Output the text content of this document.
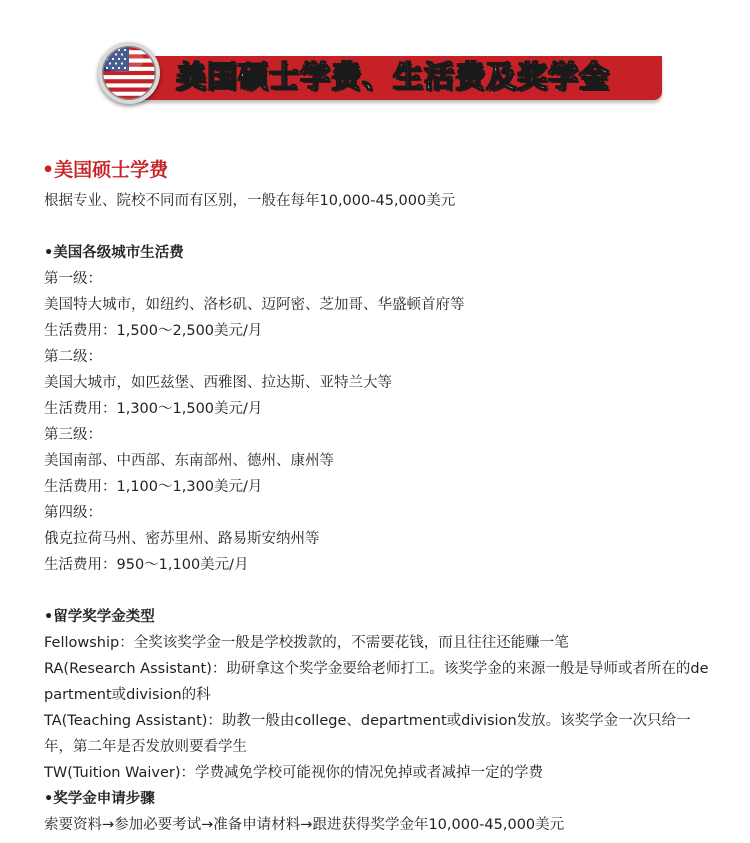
美国硕士学费、生活费及奖学金
•美国硕士学费

根据专业、院校不同而有区别，一般在每年10,000-45,000美元

•美国各级城市生活费

第一级：

美国特大城市，如纽约、洛杉矶、迈阿密、芝加哥、华盛顿首府等

生活费用：1,500～2,500美元/月

第二级：

美国大城市，如匹兹堡、西雅图、拉达斯、亚特兰大等

生活费用：1,300～1,500美元/月

第三级：

美国南部、中西部、东南部州、德州、康州等

生活费用：1,100～1,300美元/月

第四级：

俄克拉荷马州、密苏里州、路易斯安纳州等

生活费用：950～1,100美元/月

•留学奖学金类型

Fellowship：全奖该奖学金一般是学校拨款的，不需要花钱，而且往往还能赚一笔

RA(Research Assistant)：助研拿这个奖学金要给老师打工。该奖学金的来源一般是导师或者所在的department或division的科

TA(Teaching Assistant)：助教一般由college、department或division发放。该奖学金一次只给一年，第二年是否发放则要看学生

TW(Tuition Waiver)：学费减免学校可能视你的情况免掉或者减掉一定的学费

•奖学金申请步骤

索要资料→参加必要考试→准备申请材料→跟进获得奖学金年10,000-45,000美元
